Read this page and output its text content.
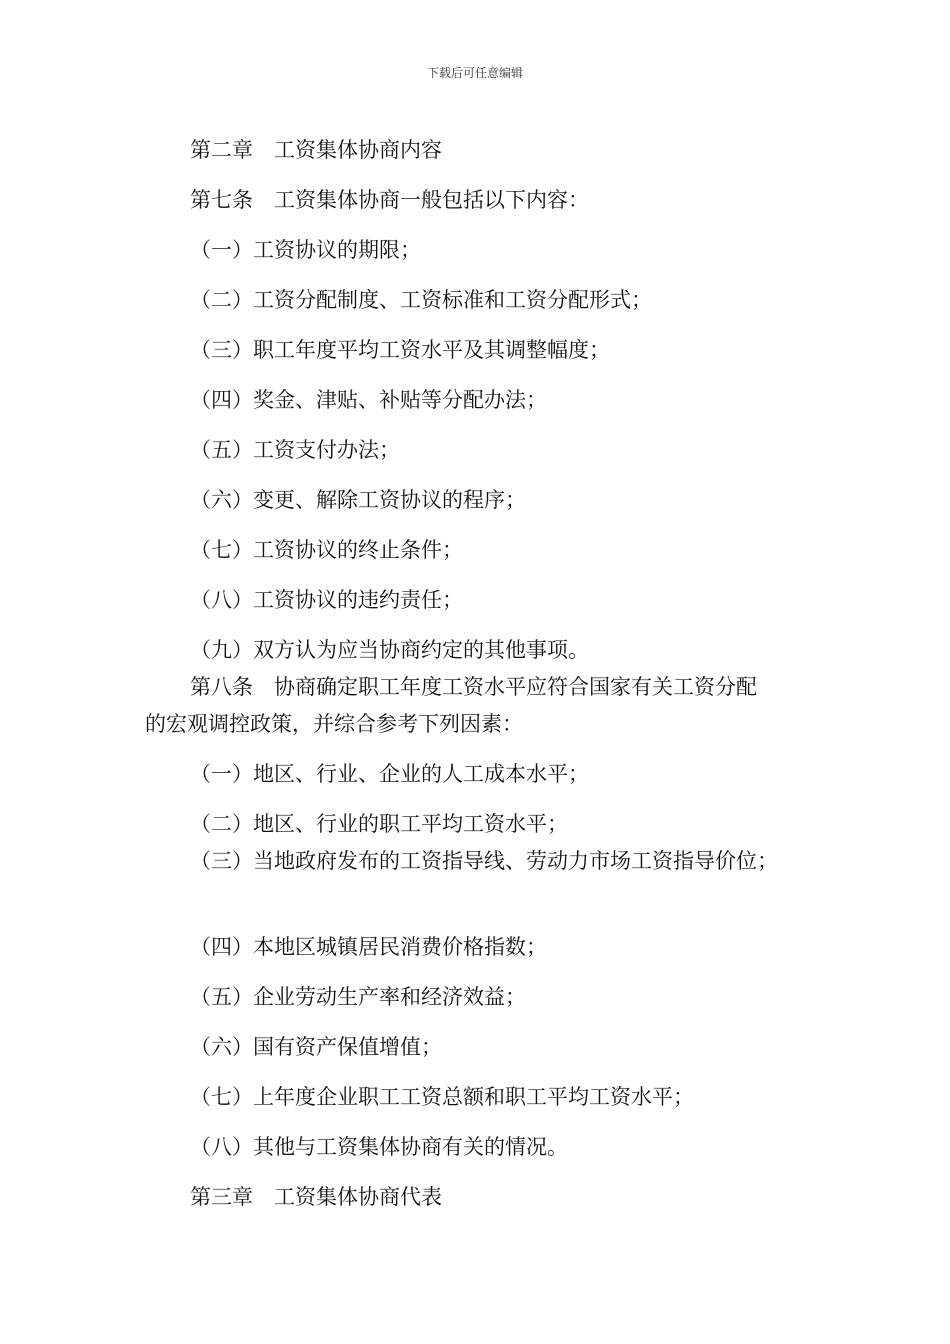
下载后可任意编辑
第二章　工资集体协商内容
第七条　工资集体协商一般包括以下内容：
（一）工资协议的期限；
（二）工资分配制度、工资标准和工资分配形式；
（三）职工年度平均工资水平及其调整幅度；
（四）奖金、津贴、补贴等分配办法；
（五）工资支付办法；
（六）变更、解除工资协议的程序；
（七）工资协议的终止条件；
（八）工资协议的违约责任；
（九）双方认为应当协商约定的其他事项。
第八条　协商确定职工年度工资水平应符合国家有关工资分配
的宏观调控政策，并综合参考下列因素：
（一）地区、行业、企业的人工成本水平；
（二）地区、行业的职工平均工资水平；
（三）当地政府发布的工资指导线、劳动力市场工资指导价位；
（四）本地区城镇居民消费价格指数；
（五）企业劳动生产率和经济效益；
（六）国有资产保值增值；
（七）上年度企业职工工资总额和职工平均工资水平；
（八）其他与工资集体协商有关的情况。
第三章　工资集体协商代表
